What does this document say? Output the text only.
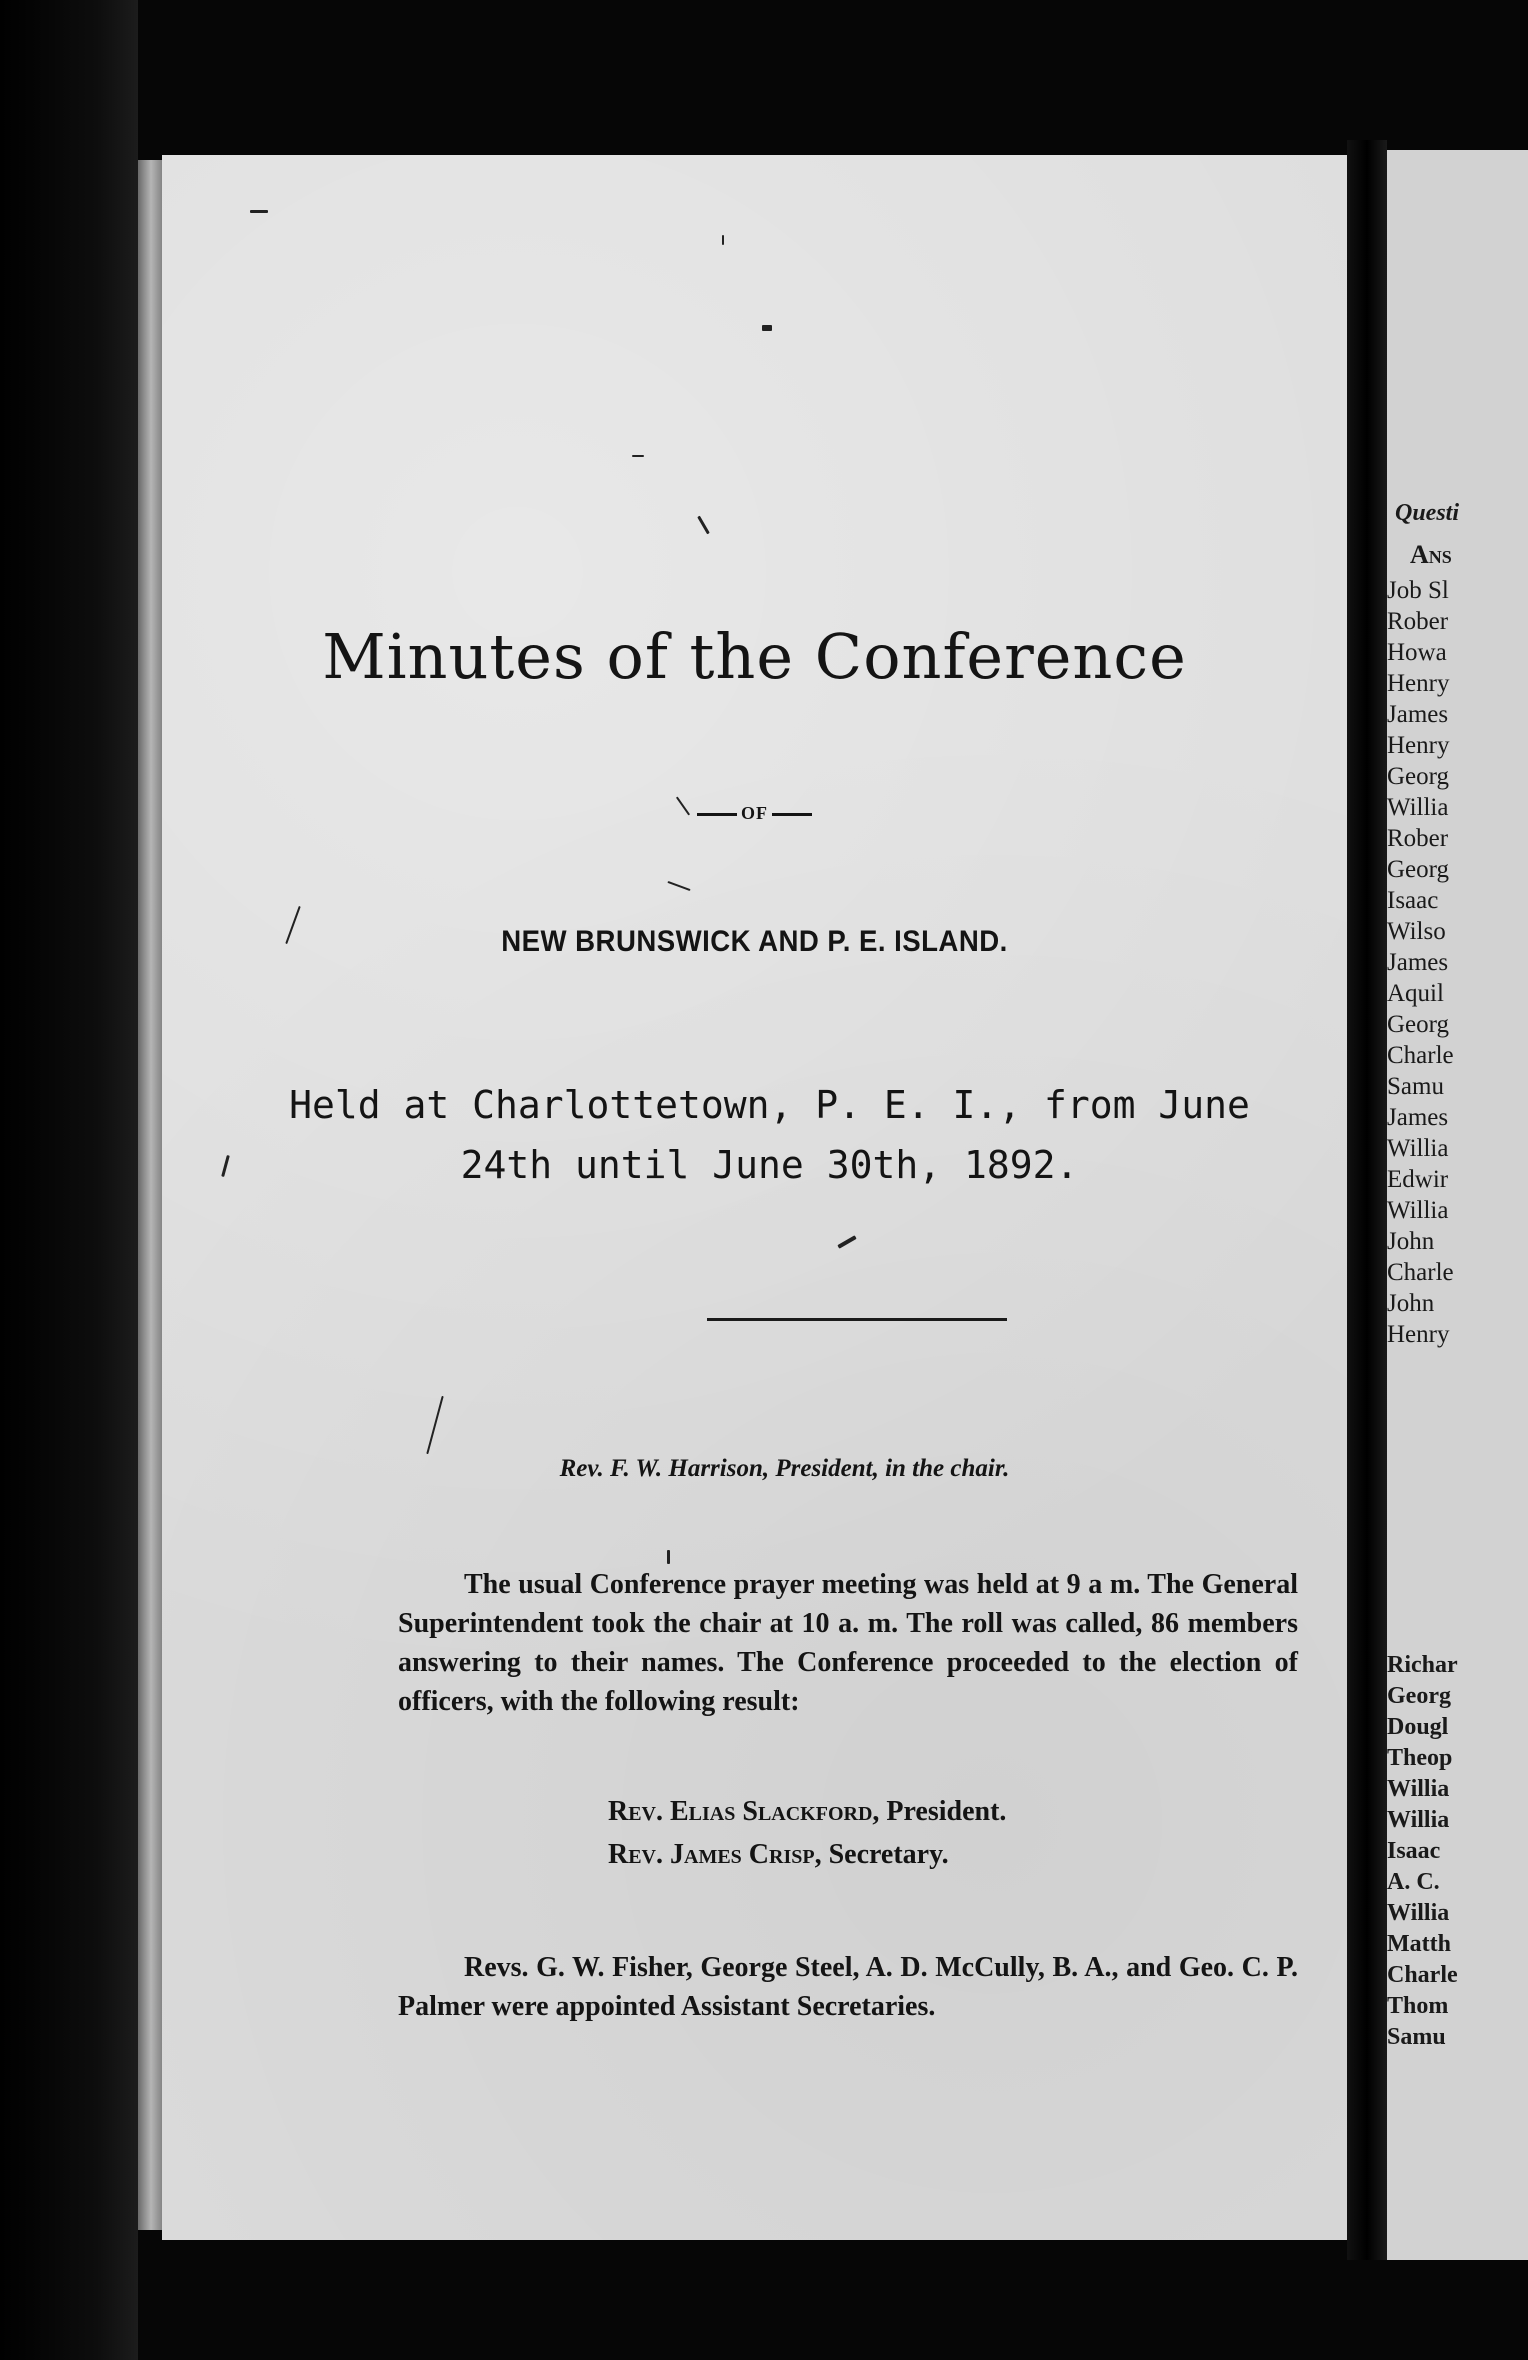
Minutes of the Conference
OF
NEW BRUNSWICK AND P. E. ISLAND.
Held at Charlottetown, P. E. I., from June
24th until June 30th, 1892.
Rev. F. W. Harrison, President, in the chair.
The usual Conference prayer meeting was held at 9 a m. The General Superintendent took the chair at 10 a. m. The roll was called, 86 members answering to their names. The Conference proceeded to the election of officers, with the following result:
Rev. Elias Slackford, President.
Rev. James Crisp, Secretary.
Revs. G. W. Fisher, George Steel, A. D. McCully, B. A., and Geo. C. P. Palmer were appointed Assistant Secretaries.
Questi
Ans
Job Sl
Rober
Howa
Henry
James
Henry
Georg
Willia
Rober
Georg
Isaac
Wilso
James
Aquil
Georg
Charle
Samu
James
Willia
Edwir
Willia
John
Charle
John
Henry
Richar
Georg
Dougl
Theop
Willia
Willia
Isaac
A. C.
Willia
Matth
Charle
Thom
Samu
